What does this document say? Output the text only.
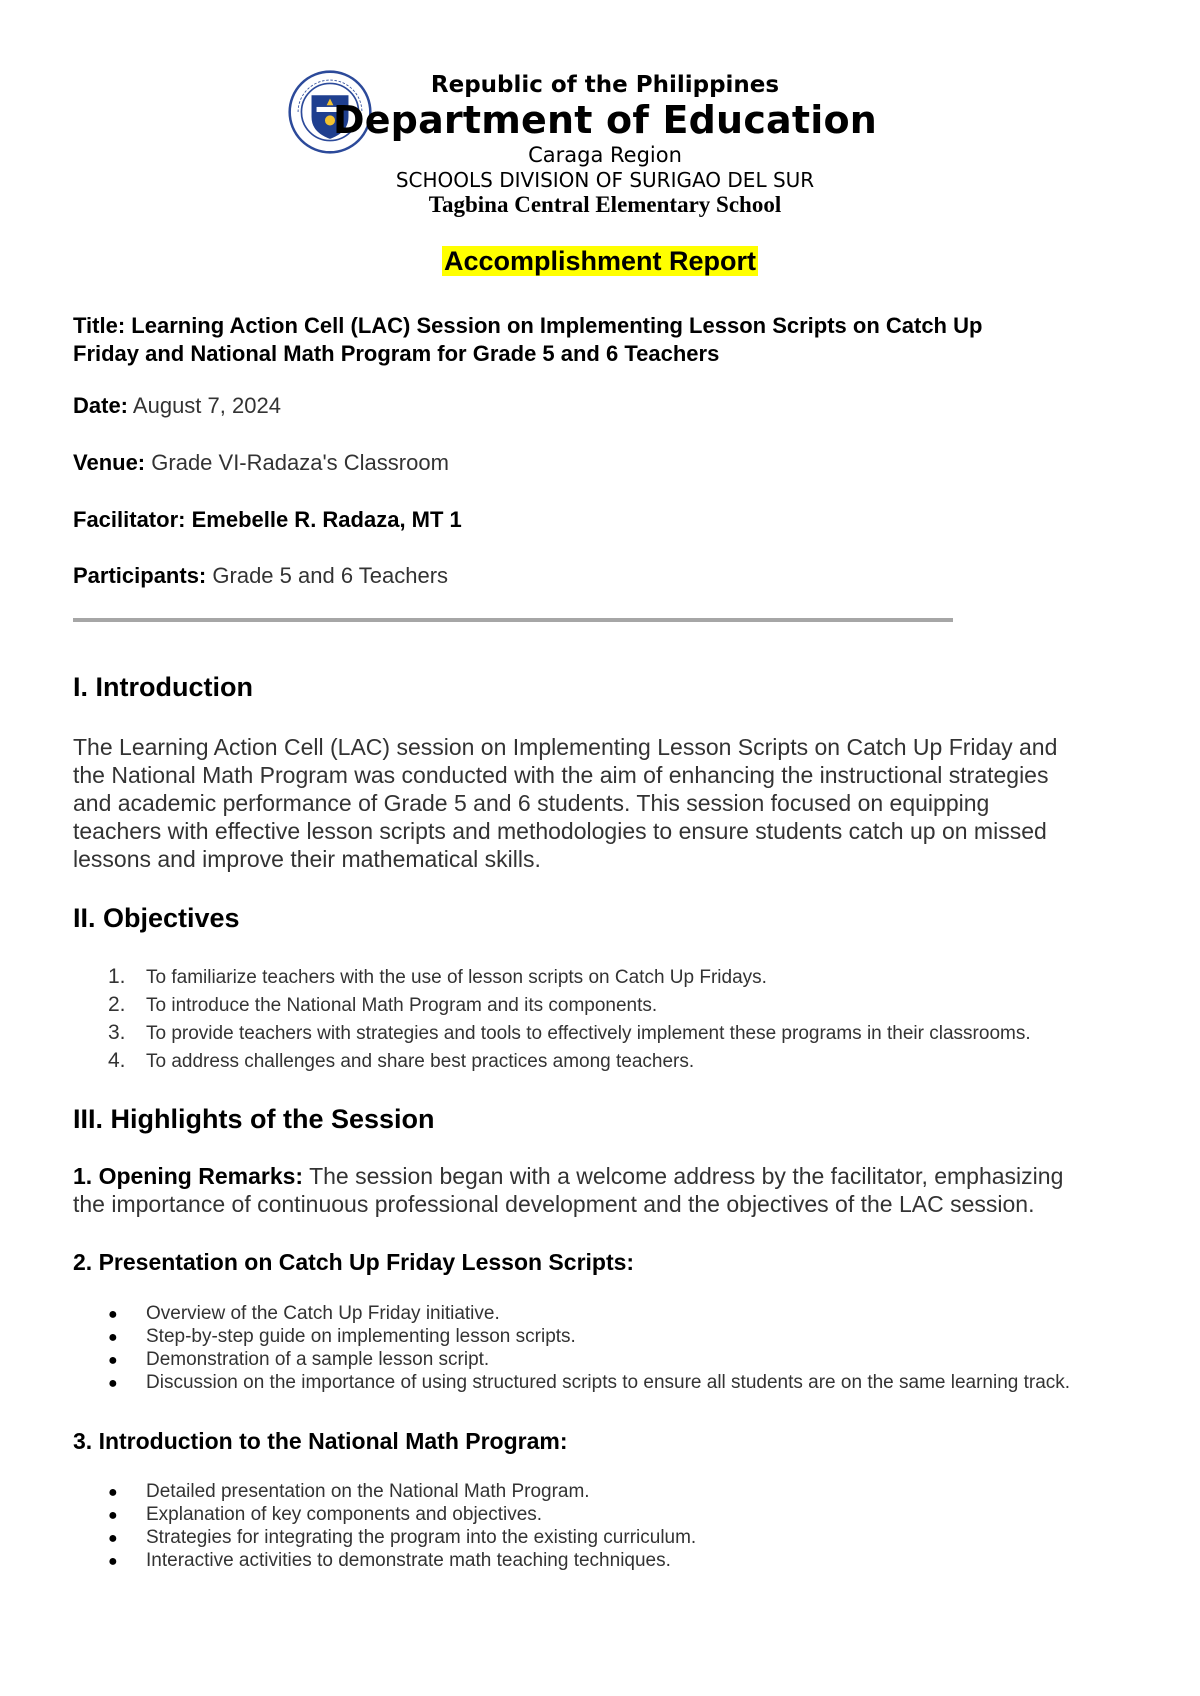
Republic of the Philippines
Department of Education
Caraga Region
SCHOOLS DIVISION OF SURIGAO DEL SUR
Tagbina Central Elementary School
Accomplishment Report
Title: Learning Action Cell (LAC) Session on Implementing Lesson Scripts on Catch Up
Friday and National Math Program for Grade 5 and 6 Teachers
Date: August 7, 2024
Venue: Grade VI-Radaza's Classroom
Facilitator: Emebelle R. Radaza, MT 1
Participants: Grade 5 and 6 Teachers
I. Introduction
The Learning Action Cell (LAC) session on Implementing Lesson Scripts on Catch Up Friday and
the National Math Program was conducted with the aim of enhancing the instructional strategies
and academic performance of Grade 5 and 6 students. This session focused on equipping
teachers with effective lesson scripts and methodologies to ensure students catch up on missed
lessons and improve their mathematical skills.
II. Objectives
1. To familiarize teachers with the use of lesson scripts on Catch Up Fridays.
2. To introduce the National Math Program and its components.
3. To provide teachers with strategies and tools to effectively implement these programs in their classrooms.
4. To address challenges and share best practices among teachers.
III. Highlights of the Session
1. Opening Remarks: The session began with a welcome address by the facilitator, emphasizing
the importance of continuous professional development and the objectives of the LAC session.
2. Presentation on Catch Up Friday Lesson Scripts:
● Overview of the Catch Up Friday initiative.
● Step-by-step guide on implementing lesson scripts.
● Demonstration of a sample lesson script.
● Discussion on the importance of using structured scripts to ensure all students are on the same learning track.
3. Introduction to the National Math Program:
● Detailed presentation on the National Math Program.
● Explanation of key components and objectives.
● Strategies for integrating the program into the existing curriculum.
● Interactive activities to demonstrate math teaching techniques.
